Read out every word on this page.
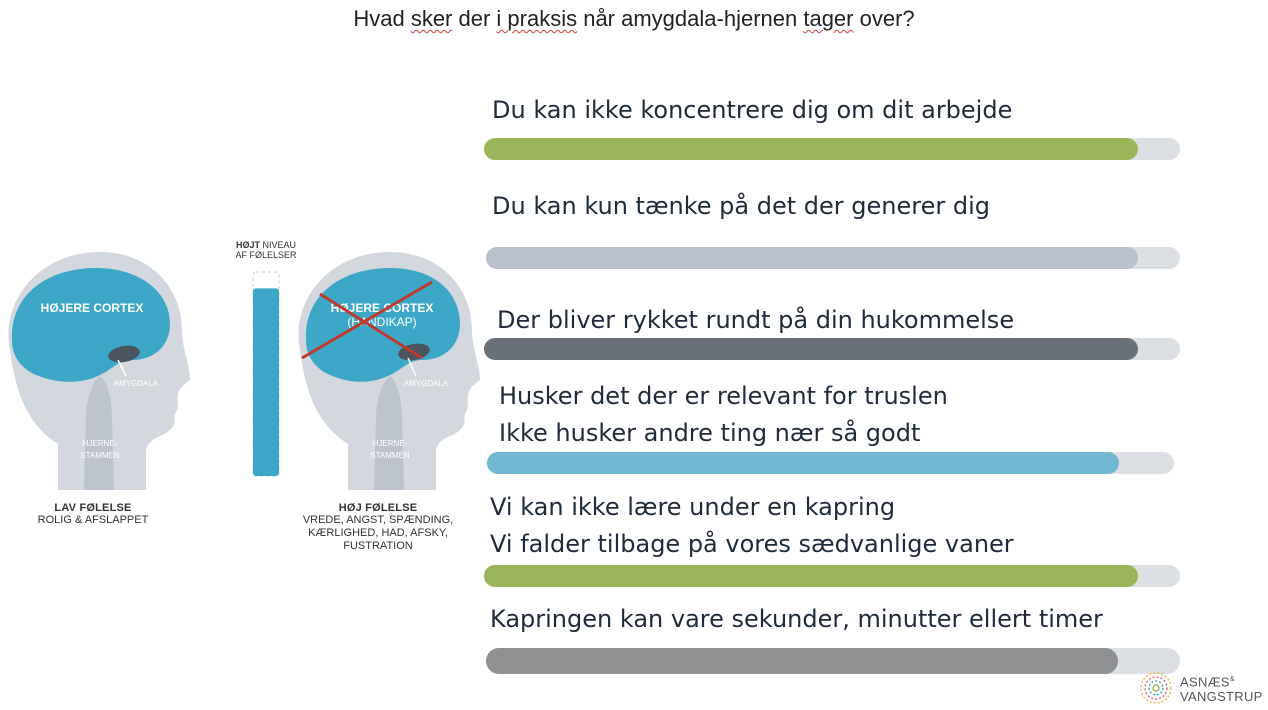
Hvad sker der i praksis når amygdala-hjernen tager over?
HØJERE CORTEX
AMYGDALA
HJERNE-
STAMMEN
HØJERE CORTEX
(HANDIKAP)
AMYGDALA
HJERNE-
STAMMEN
HØJT NIVEAU
AF FØLELSER
LAV FØLELSE
ROLIG & AFSLAPPET
HØJ FØLELSE
VREDE, ANGST, SPÆNDING,
KÆRLIGHED, HAD, AFSKY,
FUSTRATION
Du kan ikke koncentrere dig om dit arbejde
Du kan kun tænke på det der generer dig
Der bliver rykket rundt på din hukommelse
Husker det der er relevant for truslen
Ikke husker andre ting nær så godt
Vi kan ikke lære under en kapring
Vi falder tilbage på vores sædvanlige vaner
Kapringen kan vare sekunder, minutter ellert timer
ASNÆS&
VANGSTRUP
